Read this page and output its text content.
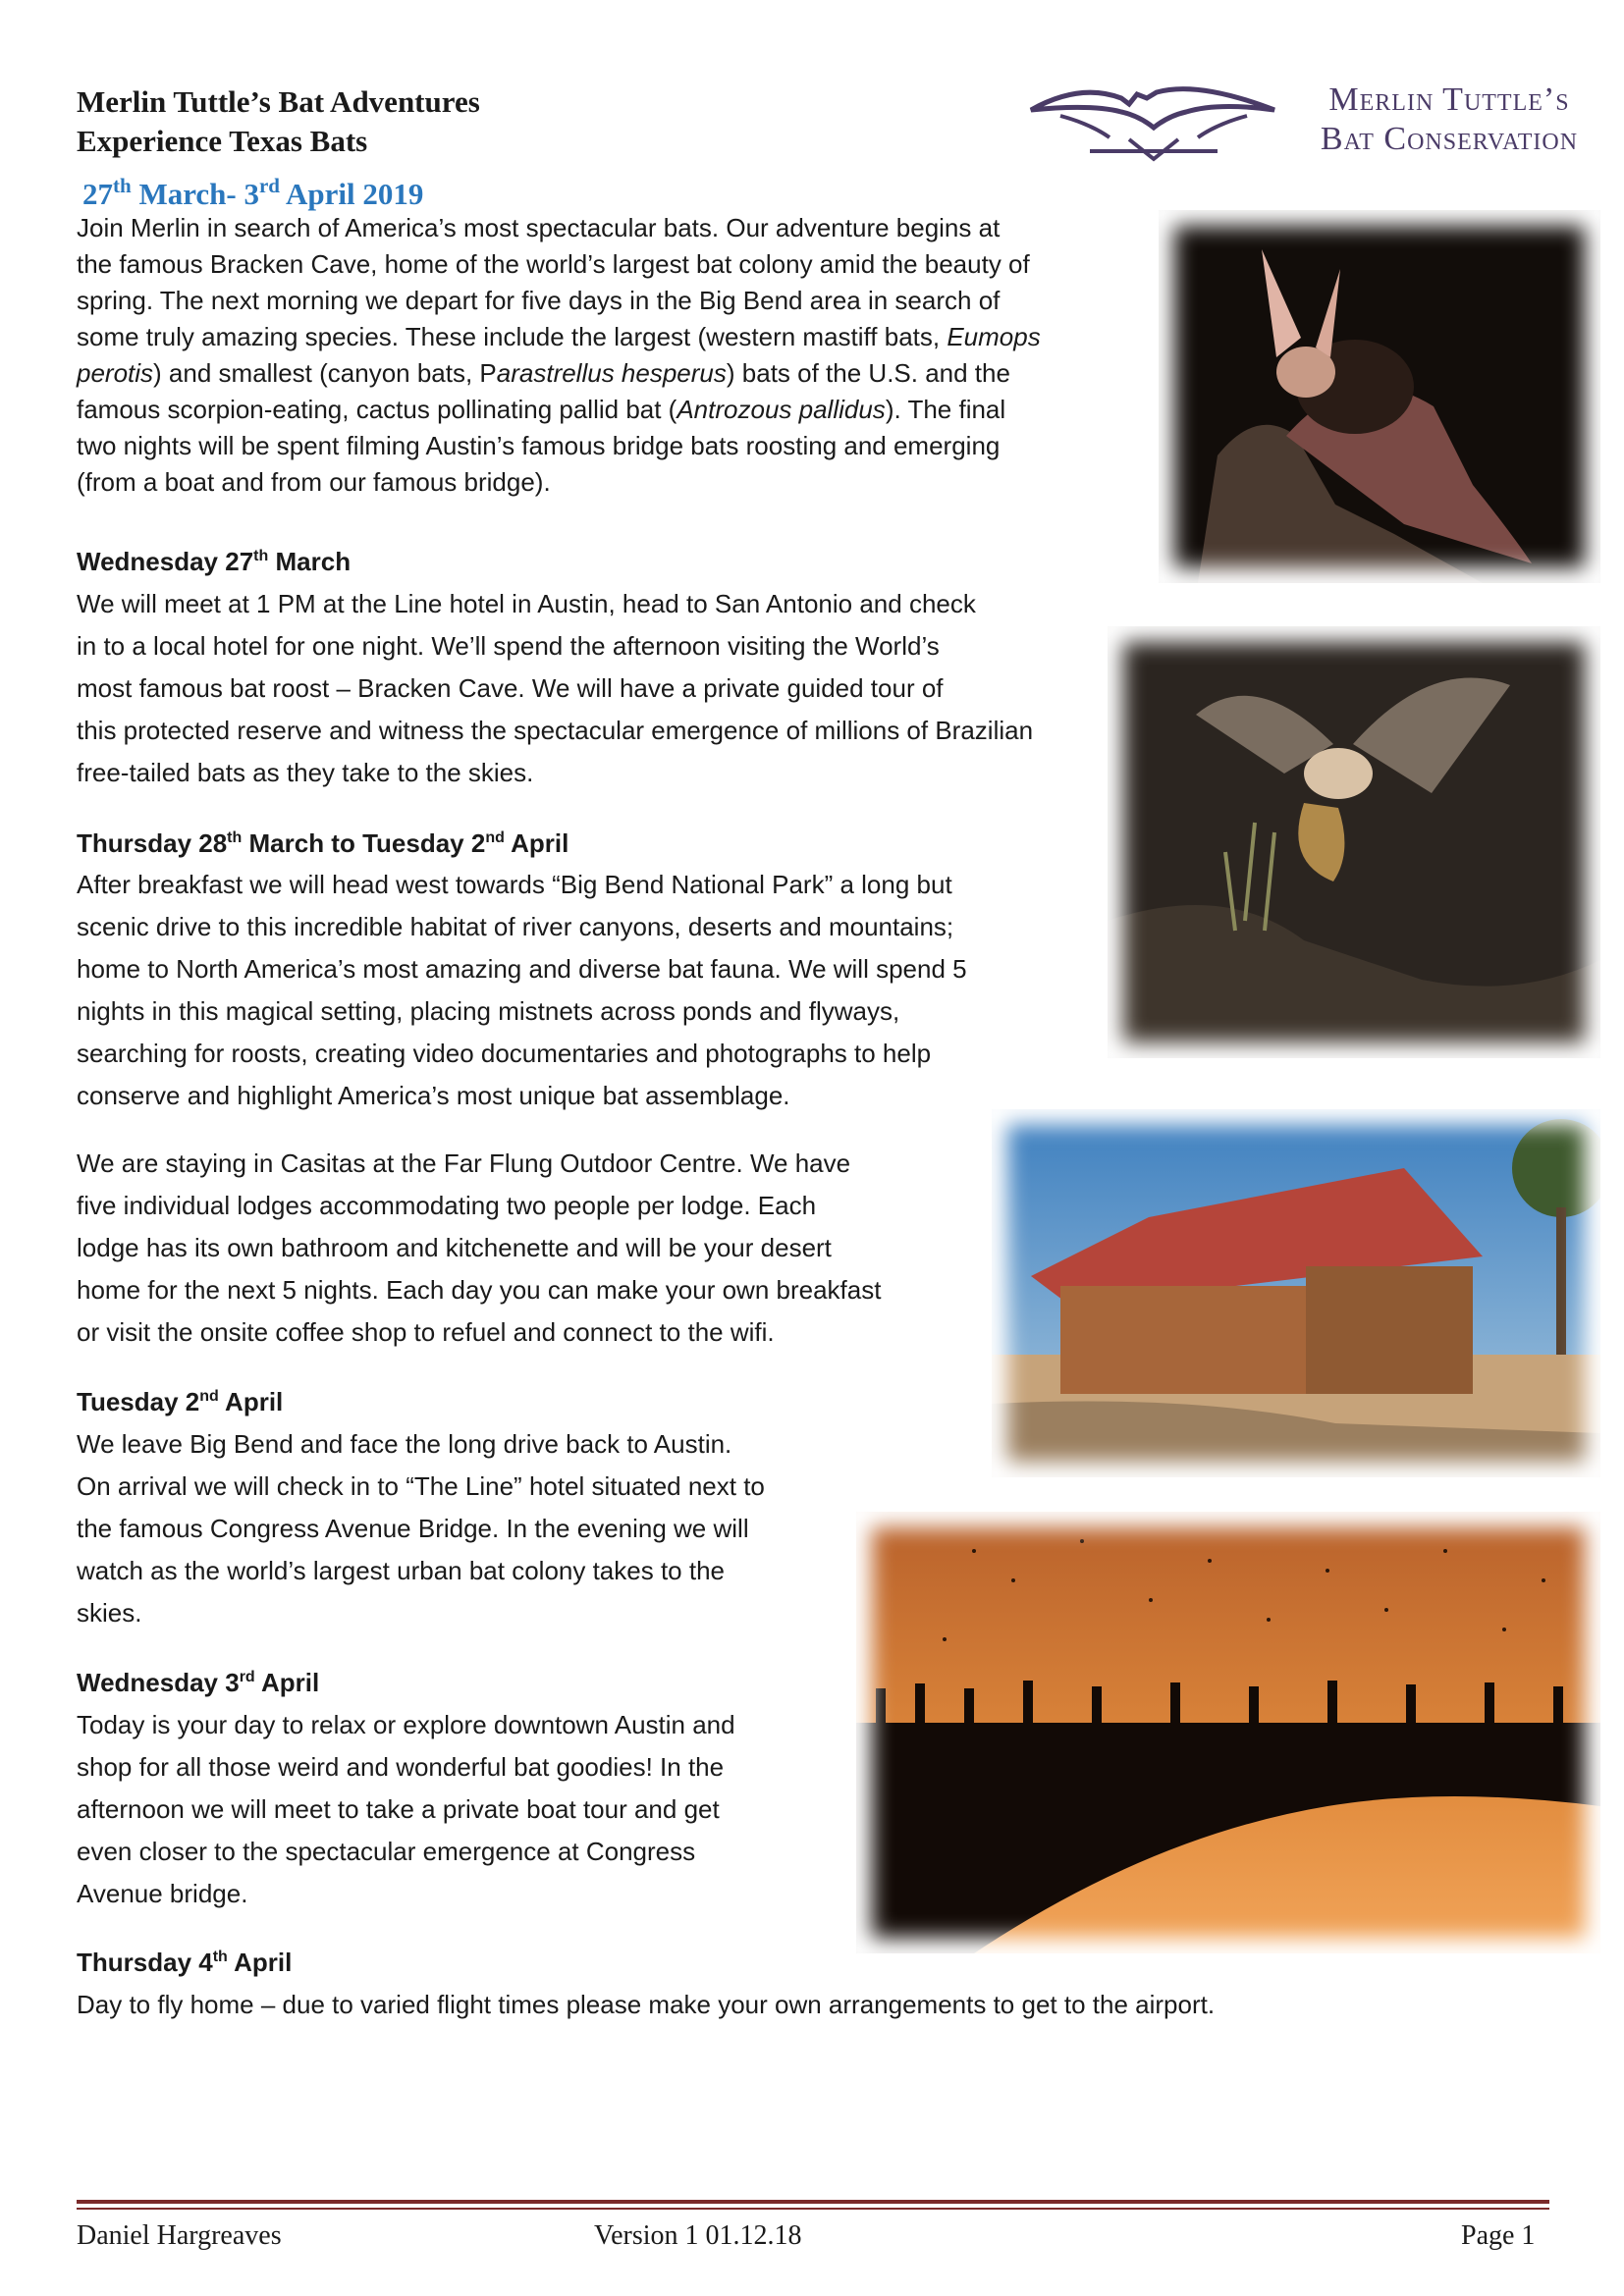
Merlin Tuttle’s Bat Adventures
Experience Texas Bats
27th March- 3rd April 2019
Merlin Tuttle’s
Bat Conservation
Join Merlin in search of America’s most spectacular bats. Our adventure begins at
the famous Bracken Cave, home of the world’s largest bat colony amid the beauty of
spring. The next morning we depart for five days in the Big Bend area in search of
some truly amazing species. These include the largest (western mastiff bats, Eumops
perotis) and smallest (canyon bats, Parastrellus hesperus) bats of the U.S. and the
famous scorpion-eating, cactus pollinating pallid bat (Antrozous pallidus). The final
two nights will be spent filming Austin’s famous bridge bats roosting and emerging
(from a boat and from our famous bridge).
Wednesday 27th March
We will meet at 1 PM at the Line hotel in Austin, head to San Antonio and check
in to a local hotel for one night. We’ll spend the afternoon visiting the World’s
most famous bat roost – Bracken Cave. We will have a private guided tour of
this protected reserve and witness the spectacular emergence of millions of Brazilian
free-tailed bats as they take to the skies.
Thursday 28th March to Tuesday 2nd April
After breakfast we will head west towards “Big Bend National Park” a long but
scenic drive to this incredible habitat of river canyons, deserts and mountains;
home to North America’s most amazing and diverse bat fauna. We will spend 5
nights in this magical setting, placing mistnets across ponds and flyways,
searching for roosts, creating video documentaries and photographs to help
conserve and highlight America’s most unique bat assemblage.
We are staying in Casitas at the Far Flung Outdoor Centre. We have
five individual lodges accommodating two people per lodge. Each
lodge has its own bathroom and kitchenette and will be your desert
home for the next 5 nights. Each day you can make your own breakfast
or visit the onsite coffee shop to refuel and connect to the wifi.
Tuesday 2nd April
We leave Big Bend and face the long drive back to Austin.
On arrival we will check in to “The Line” hotel situated next to
the famous Congress Avenue Bridge. In the evening we will
watch as the world’s largest urban bat colony takes to the
skies.
Wednesday 3rd April
Today is your day to relax or explore downtown Austin and
shop for all those weird and wonderful bat goodies! In the
afternoon we will meet to take a private boat tour and get
even closer to the spectacular emergence at Congress
Avenue bridge.
Thursday 4th April
Day to fly home – due to varied flight times please make your own arrangements to get to the airport.
Daniel Hargreaves	Version 1 01.12.18	Page 1
